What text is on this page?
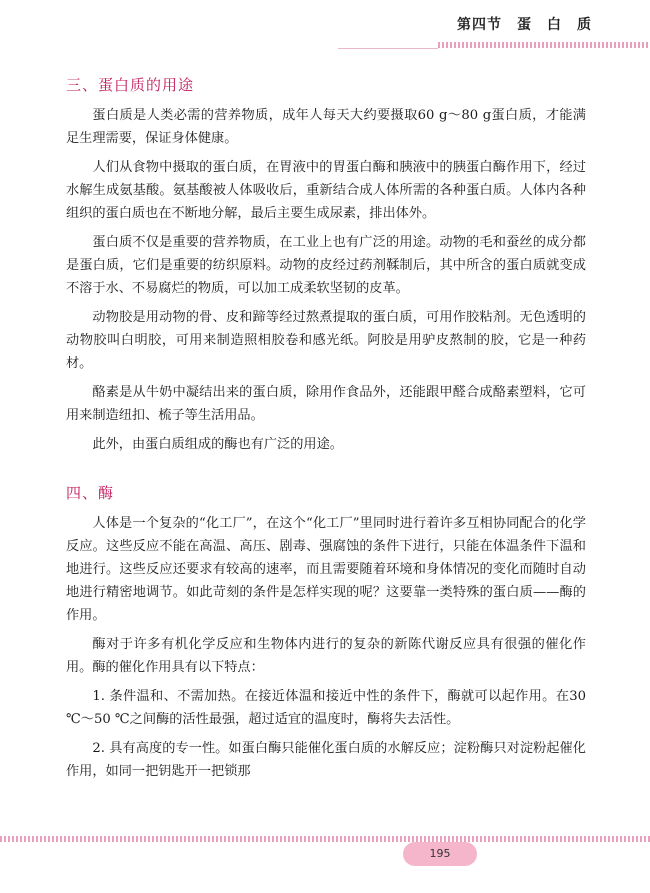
第四节　蛋　白　质
三、蛋白质的用途

蛋白质是人类必需的营养物质，成年人每天大约要摄取60 g～80 g蛋白质，才能满足生理需要，保证身体健康。

人们从食物中摄取的蛋白质，在胃液中的胃蛋白酶和胰液中的胰蛋白酶作用下，经过水解生成氨基酸。氨基酸被人体吸收后，重新结合成人体所需的各种蛋白质。人体内各种组织的蛋白质也在不断地分解，最后主要生成尿素，排出体外。

蛋白质不仅是重要的营养物质，在工业上也有广泛的用途。动物的毛和蚕丝的成分都是蛋白质，它们是重要的纺织原料。动物的皮经过药剂鞣制后，其中所含的蛋白质就变成不溶于水、不易腐烂的物质，可以加工成柔软坚韧的皮革。

动物胶是用动物的骨、皮和蹄等经过熬煮提取的蛋白质，可用作胶粘剂。无色透明的动物胶叫白明胶，可用来制造照相胶卷和感光纸。阿胶是用驴皮熬制的胶，它是一种药材。

酪素是从牛奶中凝结出来的蛋白质，除用作食品外，还能跟甲醛合成酪素塑料，它可用来制造纽扣、梳子等生活用品。

此外，由蛋白质组成的酶也有广泛的用途。

四、酶

人体是一个复杂的“化工厂”，在这个“化工厂”里同时进行着许多互相协同配合的化学反应。这些反应不能在高温、高压、剧毒、强腐蚀的条件下进行，只能在体温条件下温和地进行。这些反应还要求有较高的速率，而且需要随着环境和身体情况的变化而随时自动地进行精密地调节。如此苛刻的条件是怎样实现的呢？这要靠一类特殊的蛋白质——酶的作用。

酶对于许多有机化学反应和生物体内进行的复杂的新陈代谢反应具有很强的催化作用。酶的催化作用具有以下特点：

1. 条件温和、不需加热。在接近体温和接近中性的条件下，酶就可以起作用。在30 ℃～50 ℃之间酶的活性最强，超过适宜的温度时，酶将失去活性。

2. 具有高度的专一性。如蛋白酶只能催化蛋白质的水解反应；淀粉酶只对淀粉起催化作用，如同一把钥匙开一把锁那

195
